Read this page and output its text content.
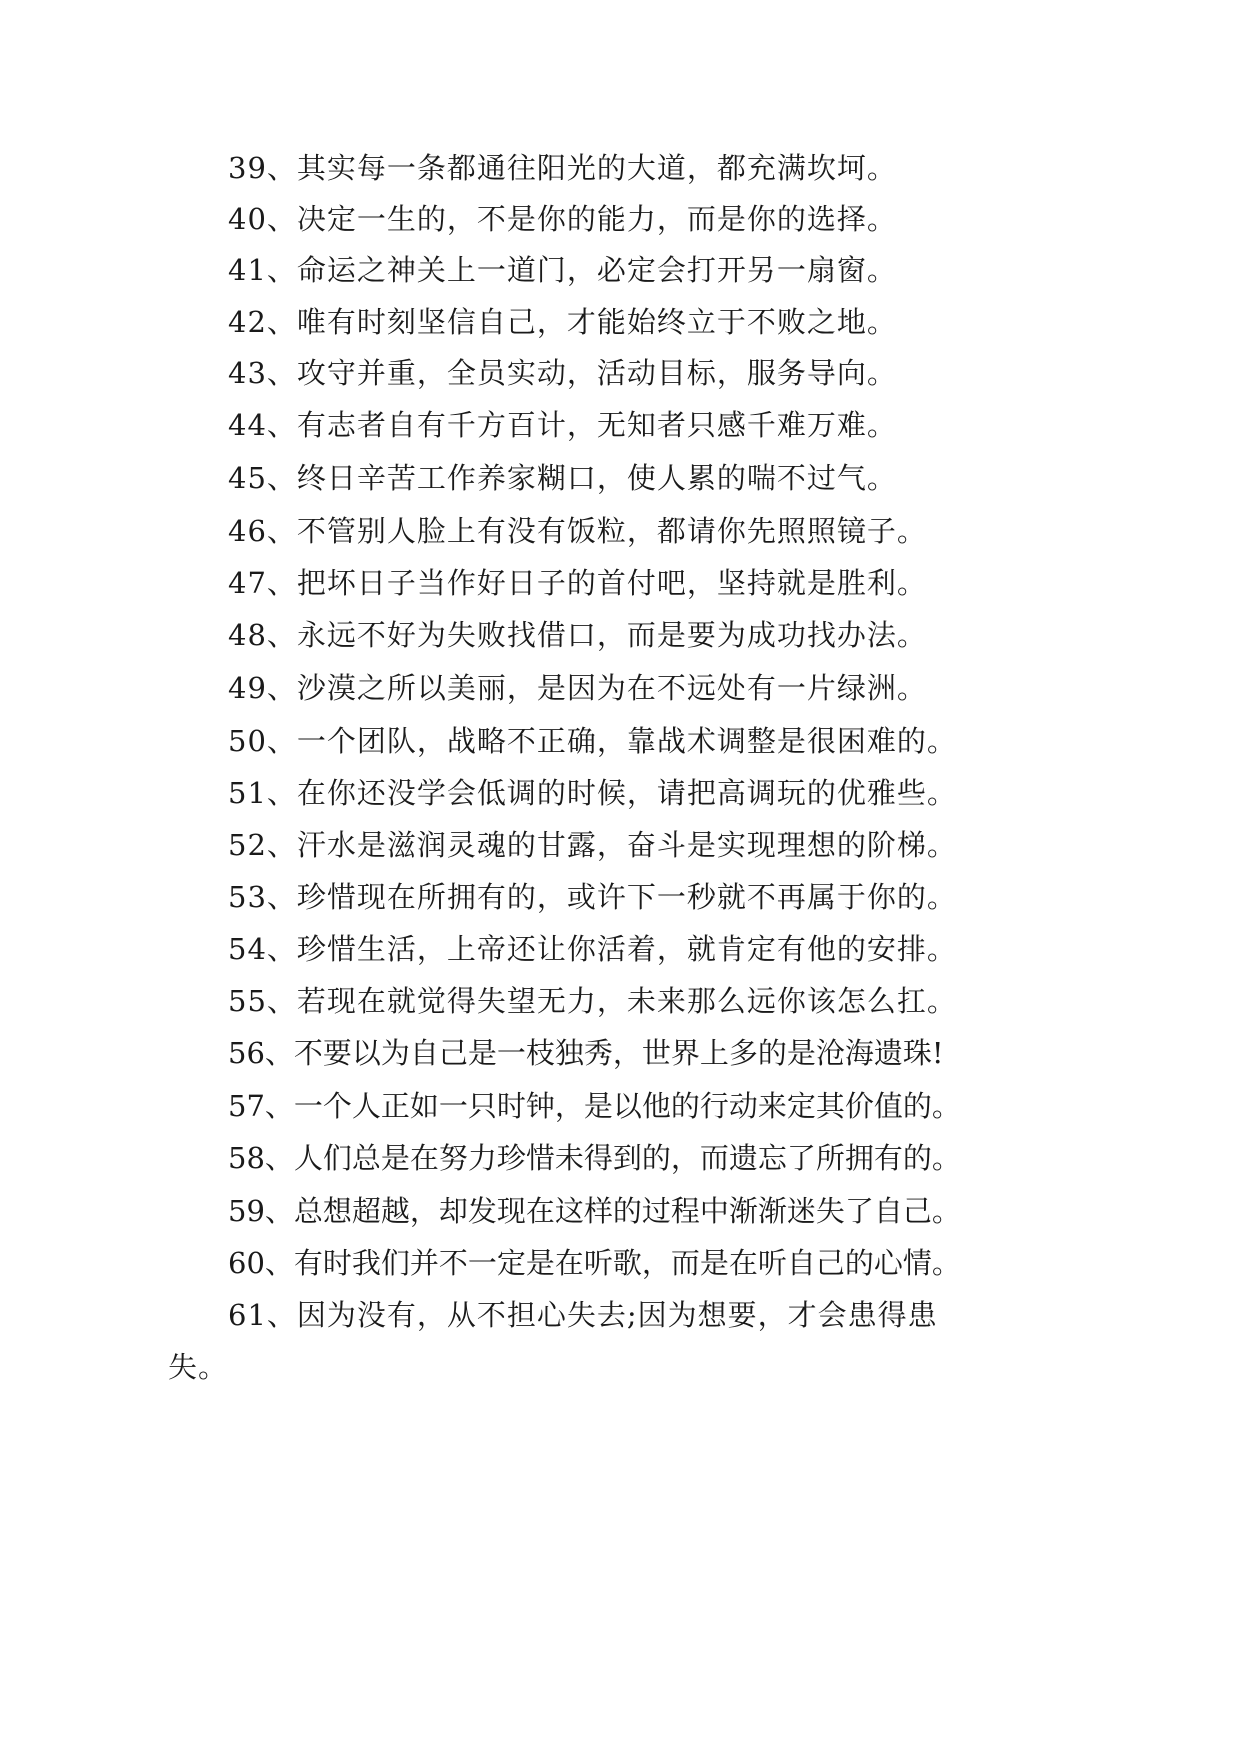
39、其实每一条都通往阳光的大道，都充满坎坷。
40、决定一生的，不是你的能力，而是你的选择。
41、命运之神关上一道门，必定会打开另一扇窗。
42、唯有时刻坚信自己，才能始终立于不败之地。
43、攻守并重，全员实动，活动目标，服务导向。
44、有志者自有千方百计，无知者只感千难万难。
45、终日辛苦工作养家糊口，使人累的喘不过气。
46、不管别人脸上有没有饭粒，都请你先照照镜子。
47、把坏日子当作好日子的首付吧，坚持就是胜利。
48、永远不好为失败找借口，而是要为成功找办法。
49、沙漠之所以美丽，是因为在不远处有一片绿洲。
50、一个团队，战略不正确，靠战术调整是很困难的。
51、在你还没学会低调的时候，请把高调玩的优雅些。
52、汗水是滋润灵魂的甘露，奋斗是实现理想的阶梯。
53、珍惜现在所拥有的，或许下一秒就不再属于你的。
54、珍惜生活，上帝还让你活着，就肯定有他的安排。
55、若现在就觉得失望无力，未来那么远你该怎么扛。
56、不要以为自己是一枝独秀，世界上多的是沧海遗珠!
57、一个人正如一只时钟，是以他的行动来定其价值的。
58、人们总是在努力珍惜未得到的，而遗忘了所拥有的。
59、总想超越，却发现在这样的过程中渐渐迷失了自己。
60、有时我们并不一定是在听歌，而是在听自己的心情。
61、因为没有，从不担心失去;因为想要，才会患得患
失。
